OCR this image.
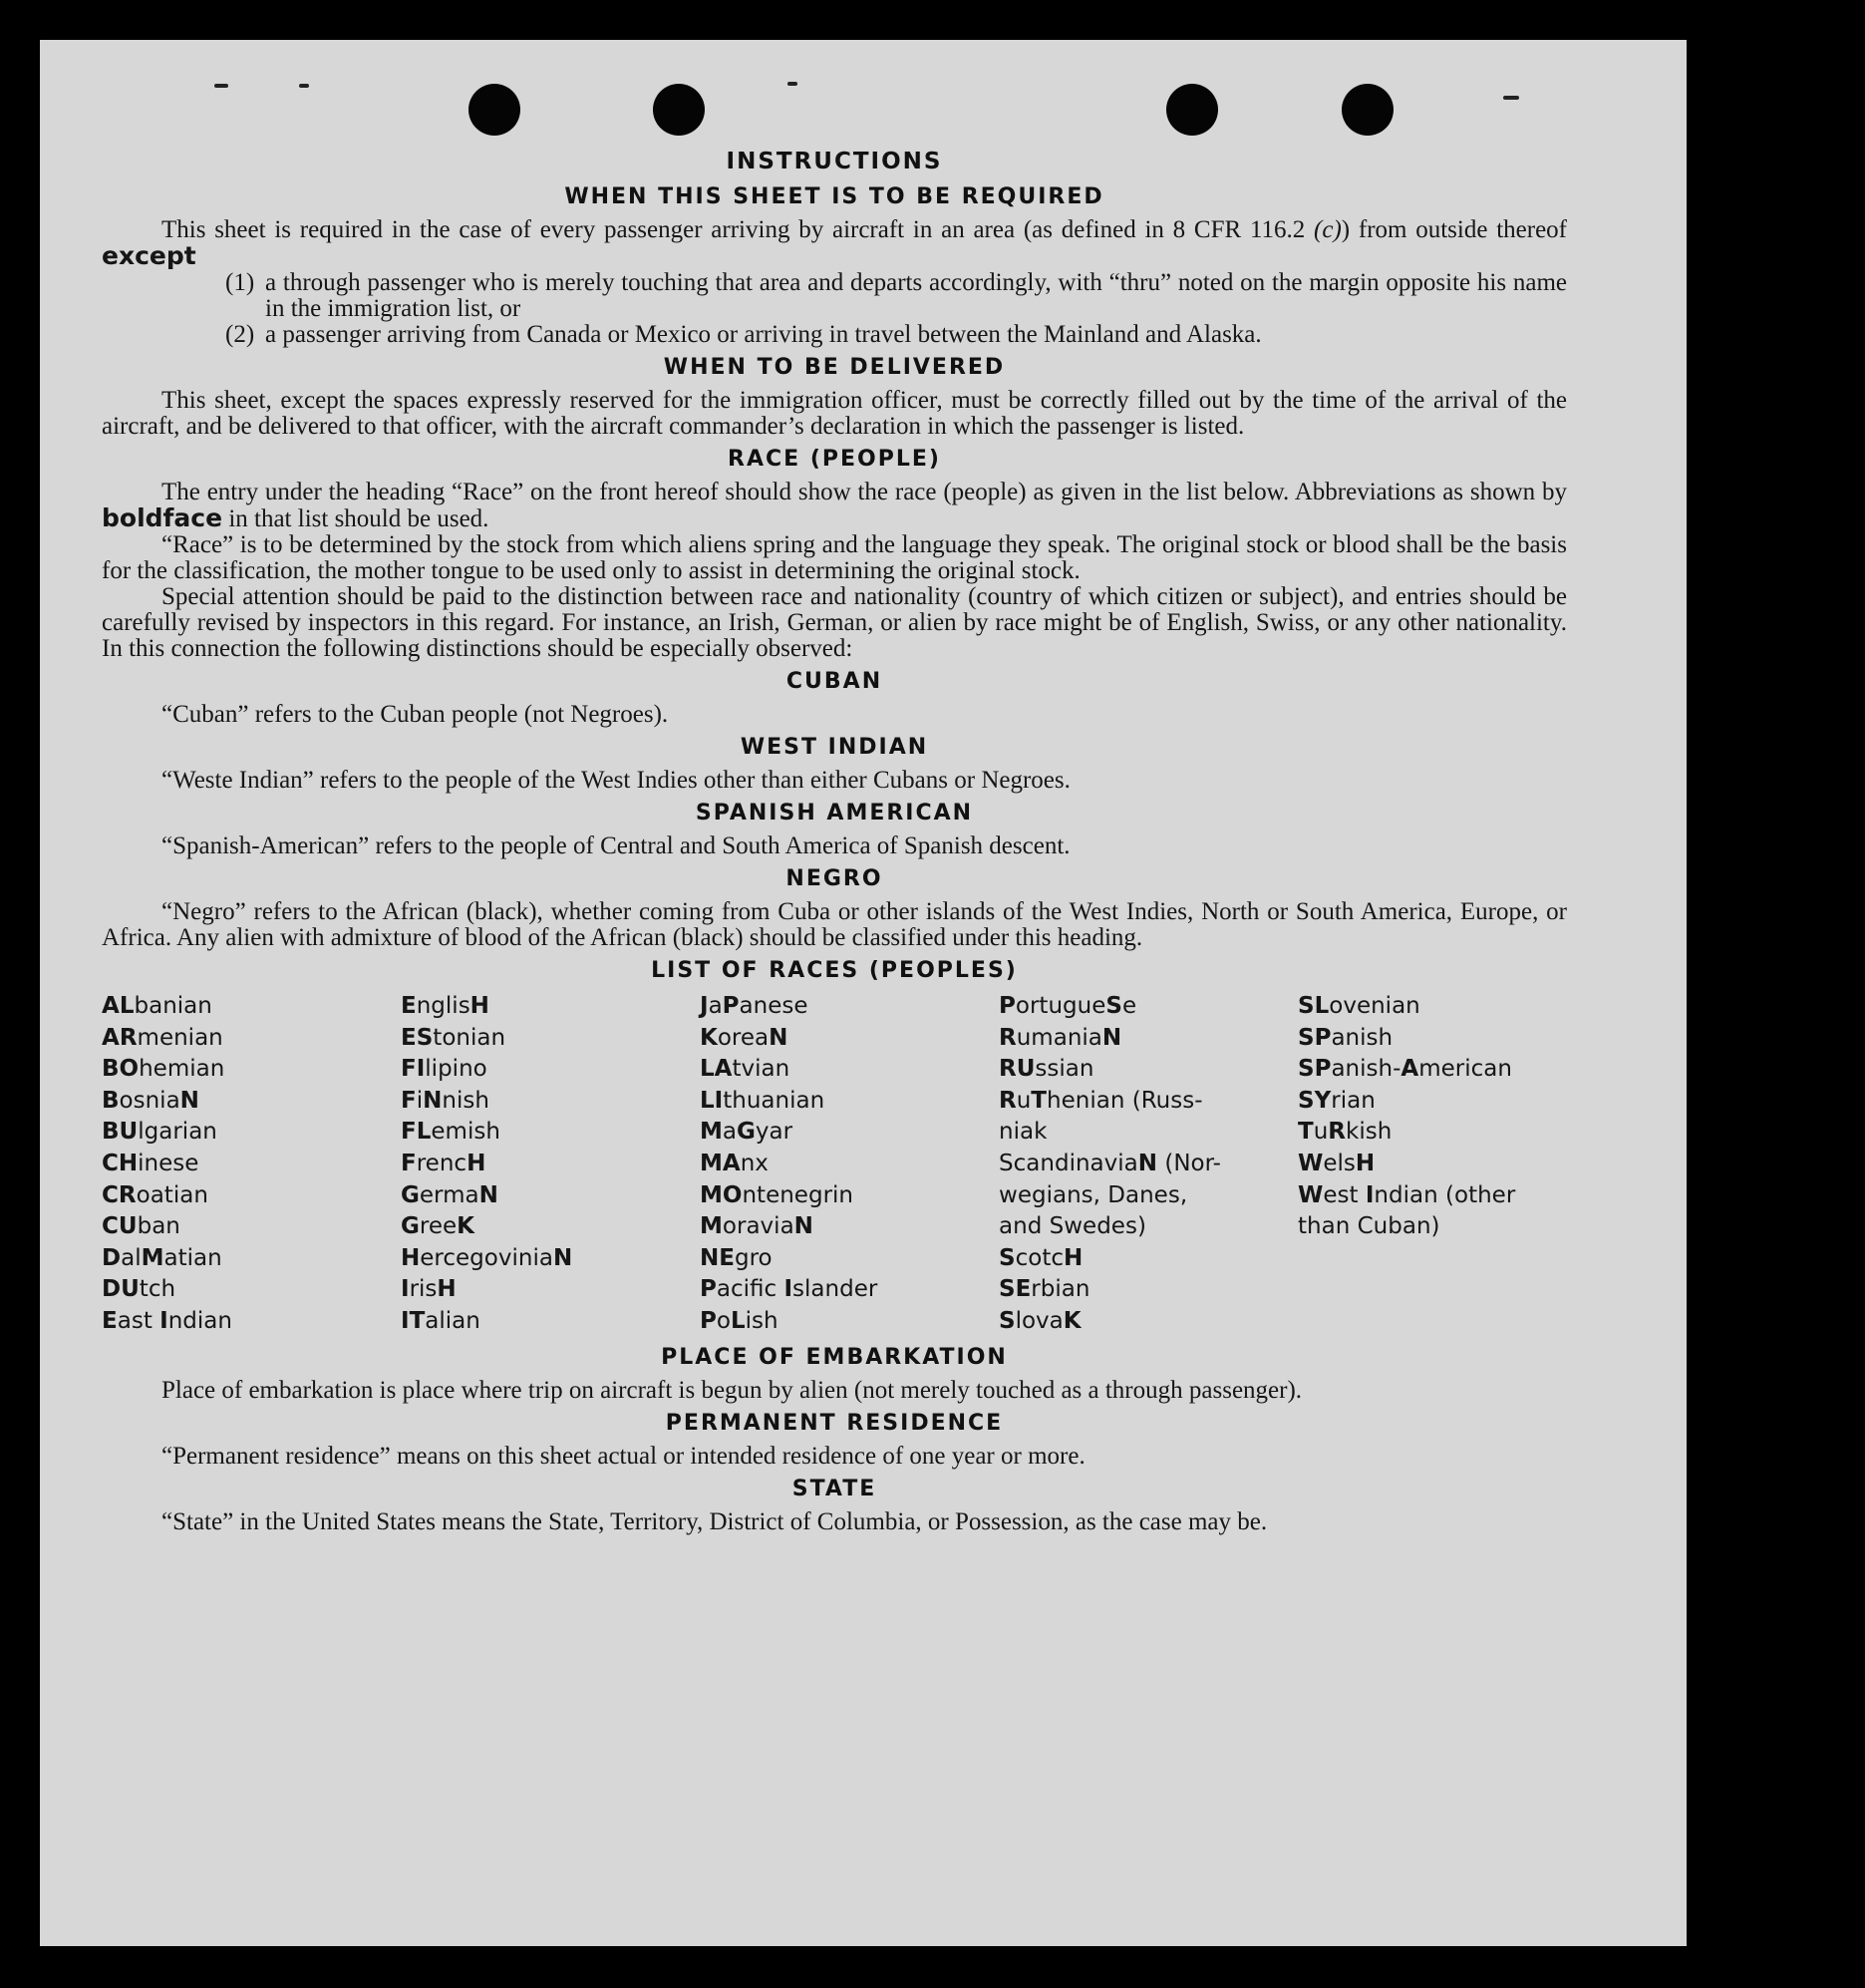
INSTRUCTIONS
WHEN THIS SHEET IS TO BE REQUIRED

This sheet is required in the case of every passenger arriving by aircraft in an area (as defined in 8 CFR 116.2 (c)) from outside thereof except

(1) a through passenger who is merely touching that area and departs accordingly, with “thru” noted on the margin opposite his name in the immigration list, or
(2) a passenger arriving from Canada or Mexico or arriving in travel between the Mainland and Alaska.
WHEN TO BE DELIVERED

This sheet, except the spaces expressly reserved for the immigration officer, must be correctly filled out by the time of the arrival of the aircraft, and be delivered to that officer, with the aircraft commander’s declaration in which the passenger is listed.

RACE (PEOPLE)

The entry under the heading “Race” on the front hereof should show the race (people) as given in the list below. Abbreviations as shown by boldface in that list should be used.

“Race” is to be determined by the stock from which aliens spring and the language they speak. The original stock or blood shall be the basis for the classification, the mother tongue to be used only to assist in determining the original stock.

Special attention should be paid to the distinction between race and nationality (country of which citizen or subject), and entries should be carefully revised by inspectors in this regard. For instance, an Irish, German, or alien by race might be of English, Swiss, or any other nationality. In this connection the following distinctions should be especially observed:

CUBAN

“Cuban” refers to the Cuban people (not Negroes).

WEST INDIAN

“Weste Indian” refers to the people of the West Indies other than either Cubans or Negroes.

SPANISH AMERICAN

“Spanish-American” refers to the people of Central and South America of Spanish descent.

NEGRO

“Negro” refers to the African (black), whether coming from Cuba or other islands of the West Indies, North or South America, Europe, or Africa. Any alien with admixture of blood of the African (black) should be classified under this heading.

LIST OF RACES (PEOPLES)
ALbanian
ARmenian
BOhemian
BosniaN
BUlgarian
CHinese
CRoatian
CUban
DalMatian
DUtch
East Indian
EnglisH
EStonian
FIlipino
FiNnish
FLemish
FrencH
GermaN
GreeK
HercegoviniaN
IrisH
ITalian
JaPanese
KoreaN
LAtvian
LIthuanian
MaGyar
MAnx
MOntenegrin
MoraviaN
NEgro
Pacifc Islander
PoLish
PortugueSe
RumaniaN
RUssian
RuThenian (Russ-
niak
ScandinaviaN (Nor-
wegians, Danes,
and Swedes)
ScotcH
SErbian
SlovaK
SLovenian
SPanish
SPanish-American
SYrian
TuRkish
WelsH
West Indian (other
than Cuban)
PLACE OF EMBARKATION

Place of embarkation is place where trip on aircraft is begun by alien (not merely touched as a through passenger).

PERMANENT RESIDENCE

“Permanent residence” means on this sheet actual or intended residence of one year or more.

STATE

“State” in the United States means the State, Territory, District of Columbia, or Possession, as the case may be.
